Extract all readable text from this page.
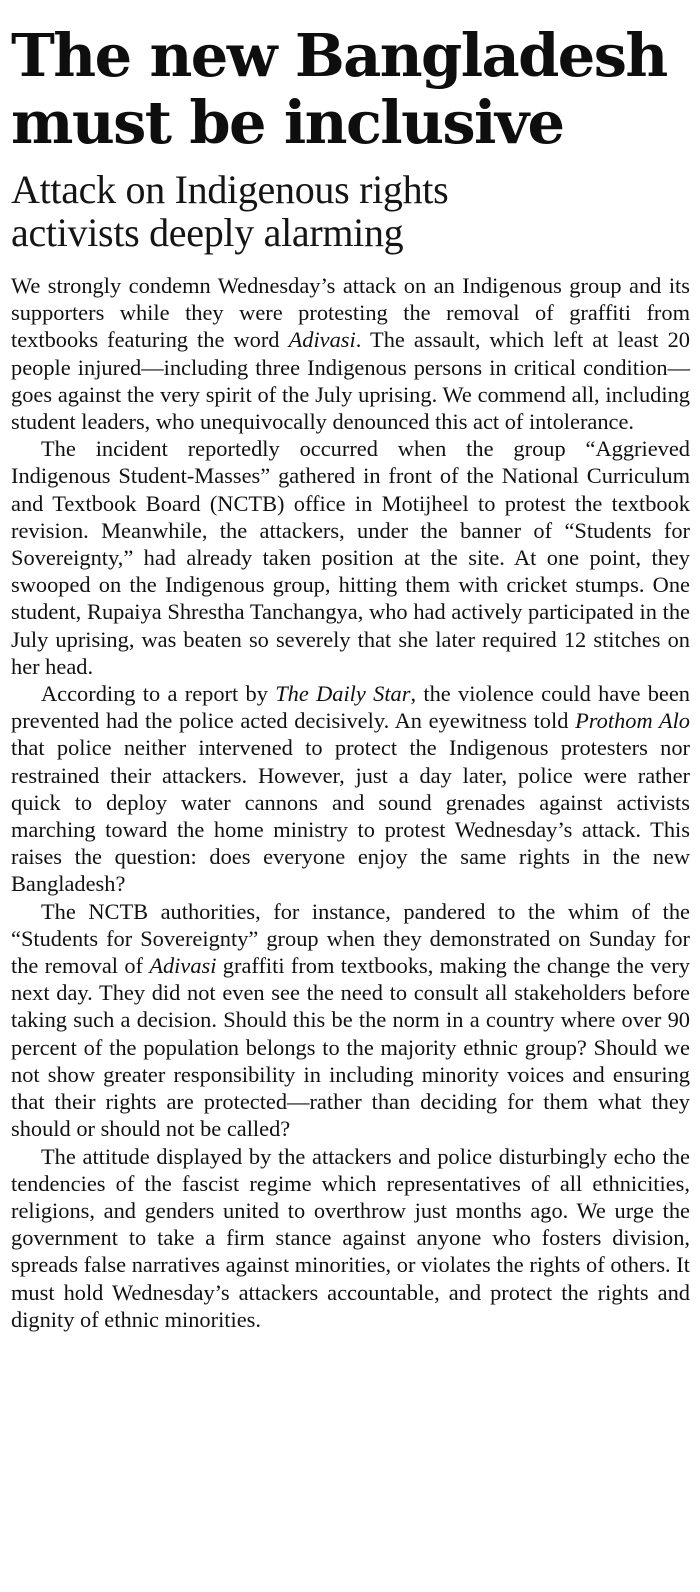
The new Bangladesh
must be inclusive
Attack on Indigenous rights
activists deeply alarming

We strongly condemn Wednesday’s attack on an Indigenous group and its supporters while they were protesting the removal of graffiti from textbooks featuring the word Adivasi. The assault, which left at least 20 people injured—including three Indigenous persons in critical condition—goes against the very spirit of the July uprising. We commend all, including student leaders, who unequivocally denounced this act of intolerance.

The incident reportedly occurred when the group “Aggrieved Indigenous Student-Masses” gathered in front of the National Curriculum and Textbook Board (NCTB) office in Motijheel to protest the textbook revision. Meanwhile, the attackers, under the banner of “Students for Sovereignty,” had already taken position at the site. At one point, they swooped on the Indigenous group, hitting them with cricket stumps. One student, Rupaiya Shrestha Tanchangya, who had actively participated in the July uprising, was beaten so severely that she later required 12 stitches on her head.

According to a report by The Daily Star, the violence could have been prevented had the police acted decisively. An eyewitness told Prothom Alo that police neither intervened to protect the Indigenous protesters nor restrained their attackers. However, just a day later, police were rather quick to deploy water cannons and sound grenades against activists marching toward the home ministry to protest Wednesday’s attack. This raises the question: does everyone enjoy the same rights in the new Bangladesh?

The NCTB authorities, for instance, pandered to the whim of the “Students for Sovereignty” group when they demonstrated on Sunday for the removal of Adivasi graffiti from textbooks, making the change the very next day. They did not even see the need to consult all stakeholders before taking such a decision. Should this be the norm in a country where over 90 percent of the population belongs to the majority ethnic group? Should we not show greater responsibility in including minority voices and ensuring that their rights are protected—rather than deciding for them what they should or should not be called?

The attitude displayed by the attackers and police disturbingly echo the tendencies of the fascist regime which representatives of all ethnicities, religions, and genders united to overthrow just months ago. We urge the government to take a firm stance against anyone who fosters division, spreads false narratives against minorities, or violates the rights of others. It must hold Wednesday’s attackers accountable, and protect the rights and dignity of ethnic minorities.
